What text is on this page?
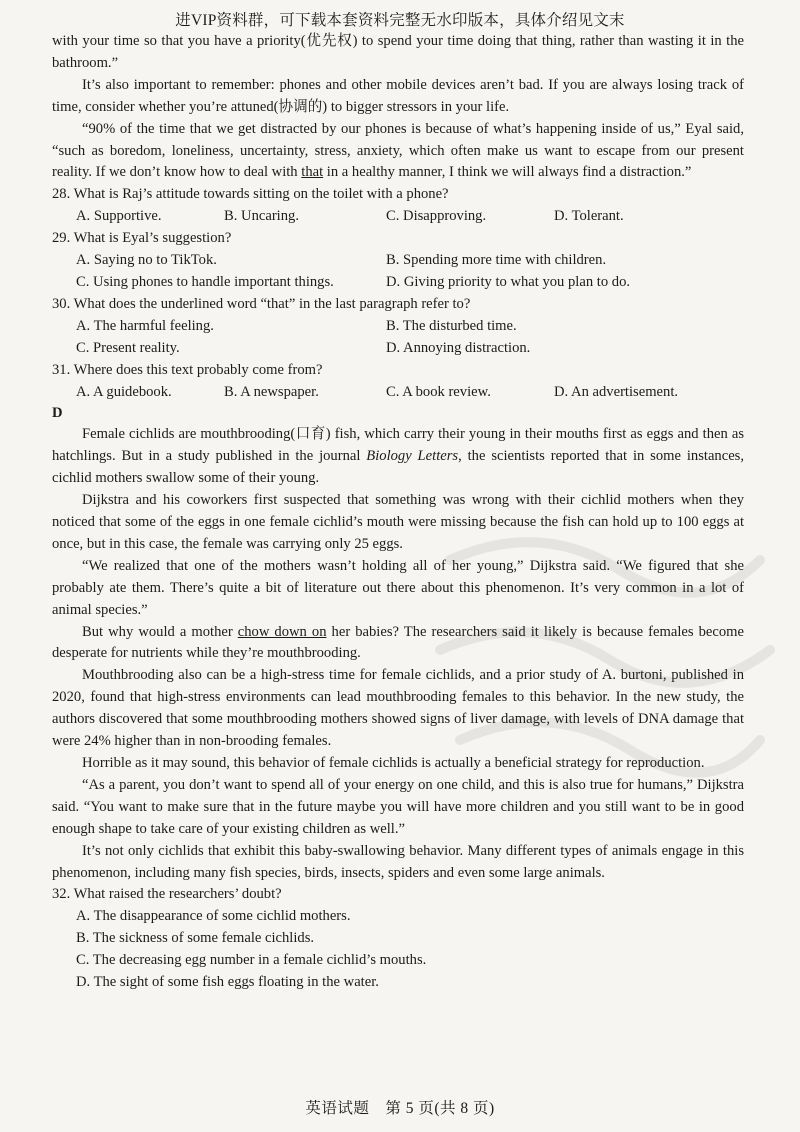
进VIP资料群，可下载本套资料完整无水印版本，具体介绍见文末

with your time so that you have a priority(优先权) to spend your time doing that thing, rather than wasting it in the bathroom.”

It’s also important to remember: phones and other mobile devices aren’t bad. If you are always losing track of time, consider whether you’re attuned(协调的) to bigger stressors in your life.

“90% of the time that we get distracted by our phones is because of what’s happening inside of us,” Eyal said, “such as boredom, loneliness, uncertainty, stress, anxiety, which often make us want to escape from our present reality. If we don’t know how to deal with that in a healthy manner, I think we will always find a distraction.”

28. What is Raj’s attitude towards sitting on the toilet with a phone?

A. Supportive.	B. Uncaring.	C. Disapproving.	D. Tolerant.

29. What is Eyal’s suggestion?

A. Saying no to TikTok.	B. Spending more time with children.
C. Using phones to handle important things.	D. Giving priority to what you plan to do.

30. What does the underlined word “that” in the last paragraph refer to?

A. The harmful feeling.	B. The disturbed time.
C. Present reality.	D. Annoying distraction.

31. Where does this text probably come from?

A. A guidebook.	B. A newspaper.	C. A book review.	D. An advertisement.

D

Female cichlids are mouthbrooding(口育) fish, which carry their young in their mouths first as eggs and then as hatchlings. But in a study published in the journal Biology Letters, the scientists reported that in some instances, cichlid mothers swallow some of their young.

Dijkstra and his coworkers first suspected that something was wrong with their cichlid mothers when they noticed that some of the eggs in one female cichlid’s mouth were missing because the fish can hold up to 100 eggs at once, but in this case, the female was carrying only 25 eggs.

“We realized that one of the mothers wasn’t holding all of her young,” Dijkstra said. “We figured that she probably ate them. There’s quite a bit of literature out there about this phenomenon. It’s very common in a lot of animal species.”

But why would a mother chow down on her babies? The researchers said it likely is because females become desperate for nutrients while they’re mouthbrooding.

Mouthbrooding also can be a high-stress time for female cichlids, and a prior study of A. burtoni, published in 2020, found that high-stress environments can lead mouthbrooding females to this behavior. In the new study, the authors discovered that some mouthbrooding mothers showed signs of liver damage, with levels of DNA damage that were 24% higher than in non-brooding females.

Horrible as it may sound, this behavior of female cichlids is actually a beneficial strategy for reproduction.

“As a parent, you don’t want to spend all of your energy on one child, and this is also true for humans,” Dijkstra said. “You want to make sure that in the future maybe you will have more children and you still want to be in good enough shape to take care of your existing children as well.”

It’s not only cichlids that exhibit this baby-swallowing behavior. Many different types of animals engage in this phenomenon, including many fish species, birds, insects, spiders and even some large animals.

32. What raised the researchers’ doubt?

A. The disappearance of some cichlid mothers.
B. The sickness of some female cichlids.
C. The decreasing egg number in a female cichlid’s mouths.
D. The sight of some fish eggs floating in the water.
英语试题　第 5 页(共 8 页)
